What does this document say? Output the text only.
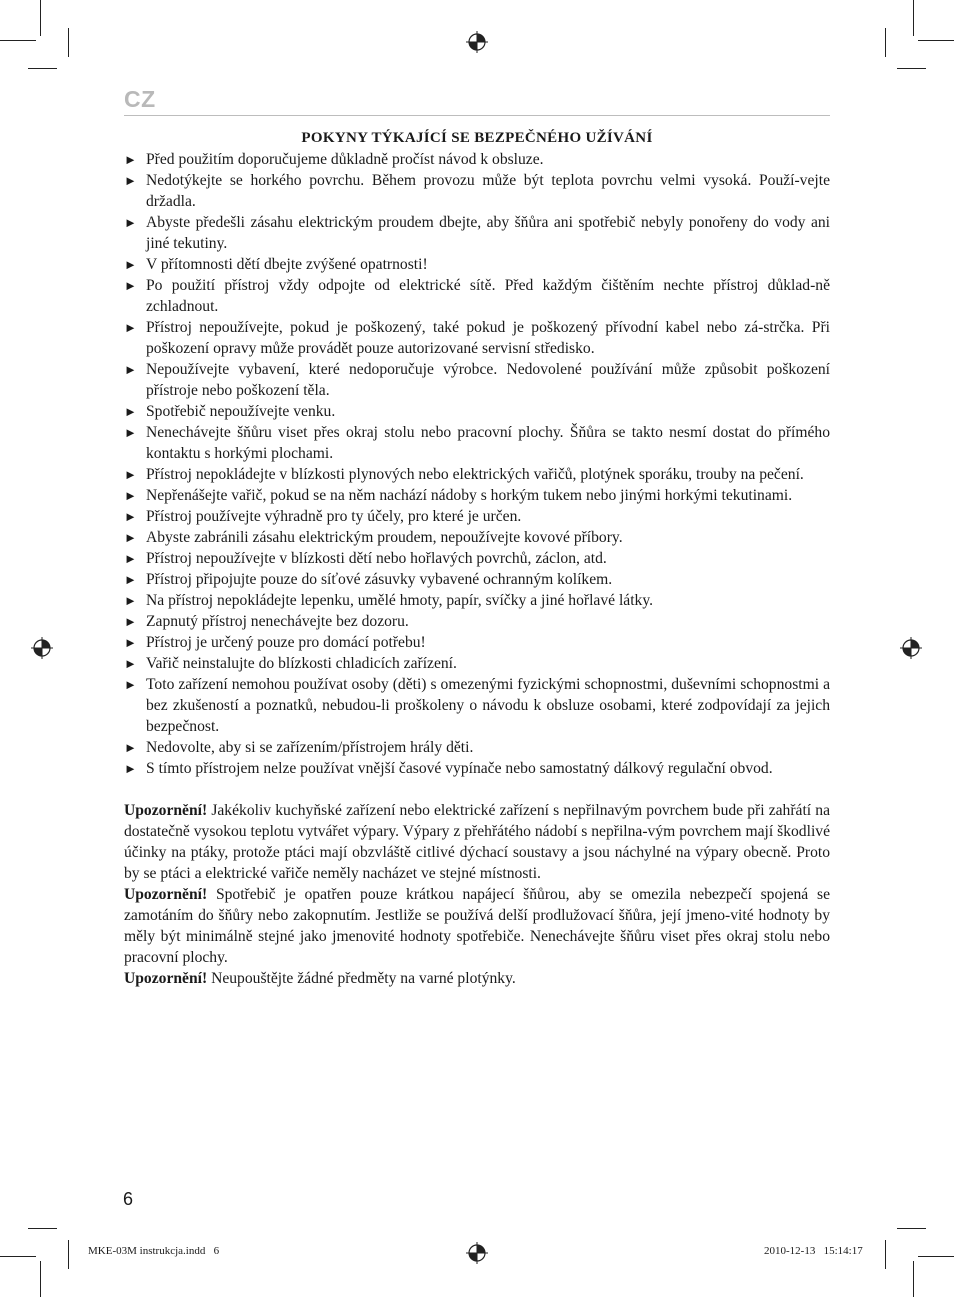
CZ
POKYNY TÝKAJÍCÍ SE BEZPEČNÉHO UŽÍVÁNÍ
► Před použitím doporučujeme důkladně pročíst návod k obsluze.
► Nedotýkejte se horkého povrchu. Během provozu může být teplota povrchu velmi vysoká. Použí-vejte držadla.
► Abyste předešli zásahu elektrickým proudem dbejte, aby šňůra ani spotřebič nebyly ponořeny do vody ani jiné tekutiny.
► V přítomnosti dětí dbejte zvýšené opatrnosti!
► Po použití přístroj vždy odpojte od elektrické sítě. Před každým čištěním nechte přístroj důklad-ně zchladnout.
► Přístroj nepoužívejte, pokud je poškozený, také pokud je poškozený přívodní kabel nebo zá-strčka. Při poškození opravy může provádět pouze autorizované servisní středisko.
► Nepoužívejte vybavení, které nedoporučuje výrobce. Nedovolené používání může způsobit poškození přístroje nebo poškození těla.
► Spotřebič nepoužívejte venku.
► Nenechávejte šňůru viset přes okraj stolu nebo pracovní plochy. Šňůra se takto nesmí dostat do přímého kontaktu s horkými plochami.
► Přístroj nepokládejte v blízkosti plynových nebo elektrických vařičů, plotýnek sporáku, trouby na pečení.
► Nepřenášejte vařič, pokud se na něm nachází nádoby s horkým tukem nebo jinými horkými tekutinami.
► Přístroj používejte výhradně pro ty účely, pro které je určen.
► Abyste zabránili zásahu elektrickým proudem, nepoužívejte kovové příbory.
► Přístroj nepoužívejte v blízkosti dětí nebo hořlavých povrchů, záclon, atd.
► Přístroj připojujte pouze do síťové zásuvky vybavené ochranným kolíkem.
► Na přístroj nepokládejte lepenku, umělé hmoty, papír, svíčky a jiné hořlavé látky.
► Zapnutý přístroj nenechávejte bez dozoru.
► Přístroj je určený pouze pro domácí potřebu!
► Vařič neinstalujte do blízkosti chladicích zařízení.
► Toto zařízení nemohou používat osoby (děti) s omezenými fyzickými schopnostmi, duševními schopnostmi a bez zkušeností a poznatků, nebudou-li proškoleny o návodu k obsluze osobami, které zodpovídají za jejich bezpečnost.
► Nedovolte, aby si se zařízením/přístrojem hrály děti.
► S tímto přístrojem nelze používat vnější časové vypínače nebo samostatný dálkový regulační obvod.

Upozornění! Jakékoliv kuchyňské zařízení nebo elektrické zařízení s nepřilnavým povrchem bude při zahřátí na dostatečně vysokou teplotu vytvářet výpary. Výpary z přehřátého nádobí s nepřilna-vým povrchem mají škodlivé účinky na ptáky, protože ptáci mají obzvláště citlivé dýchací soustavy a jsou náchylné na výpary obecně. Proto by se ptáci a elektrické vařiče neměly nacházet ve stejné místnosti.

Upozornění! Spotřebič je opatřen pouze krátkou napájecí šňůrou, aby se omezila nebezpečí spojená se zamotáním do šňůry nebo zakopnutím. Jestliže se používá delší prodlužovací šňůra, její jmeno-vité hodnoty by měly být minimálně stejné jako jmenovité hodnoty spotřebiče. Nenechávejte šňůru viset přes okraj stolu nebo pracovní plochy.

Upozornění! Neupouštějte žádné předměty na varné plotýnky.

6
MKE-03M instrukcja.indd   6	2010-12-13   15:14:17
